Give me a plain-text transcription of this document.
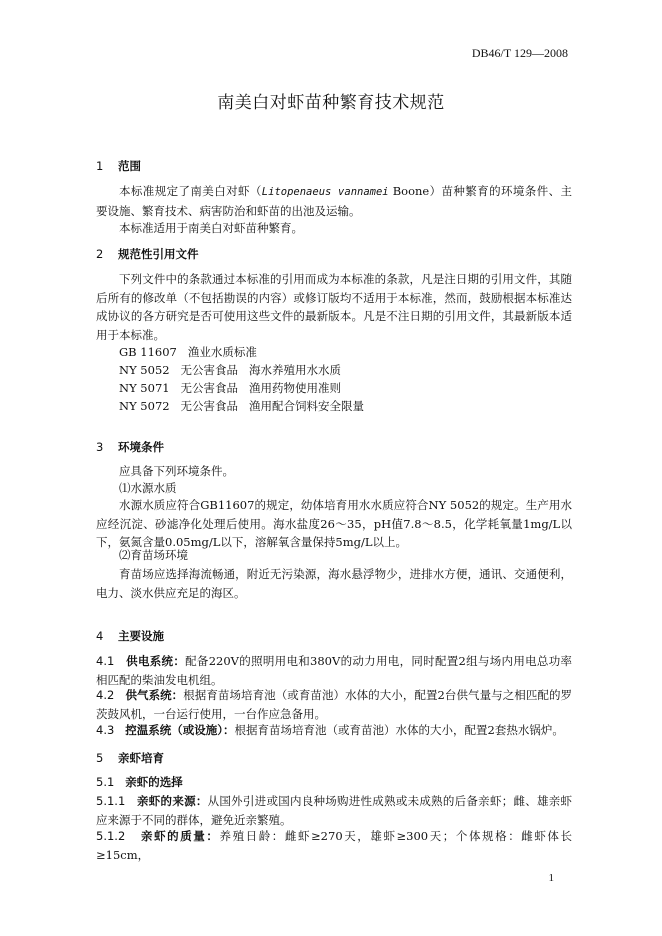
DB46/T 129—2008
南美白对虾苗种繁育技术规范
1 范围
本标准规定了南美白对虾（Litopenaeus vannamei Boone）苗种繁育的环境条件、主要设施、繁育技术、病害防治和虾苗的出池及运输。
本标准适用于南美白对虾苗种繁育。
2 规范性引用文件
下列文件中的条款通过本标准的引用而成为本标准的条款，凡是注日期的引用文件，其随后所有的修改单（不包括勘误的内容）或修订版均不适用于本标准，然而，鼓励根据本标准达成协议的各方研究是否可使用这些文件的最新版本。凡是不注日期的引用文件，其最新版本适用于本标准。
GB 11607   渔业水质标准
NY 5052   无公害食品   海水养殖用水水质
NY 5071   无公害食品   渔用药物使用准则
NY 5072   无公害食品   渔用配合饲料安全限量
3 环境条件
应具备下列环境条件。
⑴水源水质
水源水质应符合GB11607的规定，幼体培育用水水质应符合NY 5052的规定。生产用水应经沉淀、砂滤净化处理后使用。海水盐度26～35，pH值7.8～8.5，化学耗氧量1mg/L以下，氨氮含量0.05mg/L以下，溶解氧含量保持5mg/L以上。
⑵育苗场环境
育苗场应选择海流畅通，附近无污染源，海水悬浮物少，进排水方便，通讯、交通便利，电力、淡水供应充足的海区。
4 主要设施
4.1 供电系统：配备220V的照明用电和380V的动力用电，同时配置2组与场内用电总功率相匹配的柴油发电机组。
4.2 供气系统：根据育苗场培育池（或育苗池）水体的大小，配置2台供气量与之相匹配的罗茨鼓风机，一台运行使用，一台作应急备用。
4.3 控温系统（或设施）：根据育苗场培育池（或育苗池）水体的大小，配置2套热水锅炉。
5 亲虾培育
5.1 亲虾的选择
5.1.1 亲虾的来源：从国外引进或国内良种场购进性成熟或未成熟的后备亲虾；雌、雄亲虾应来源于不同的群体，避免近亲繁殖。
5.1.2 亲虾的质量：养殖日龄：雌虾≥270天，雄虾≥300天；个体规格：雌虾体长≥15cm，
1
